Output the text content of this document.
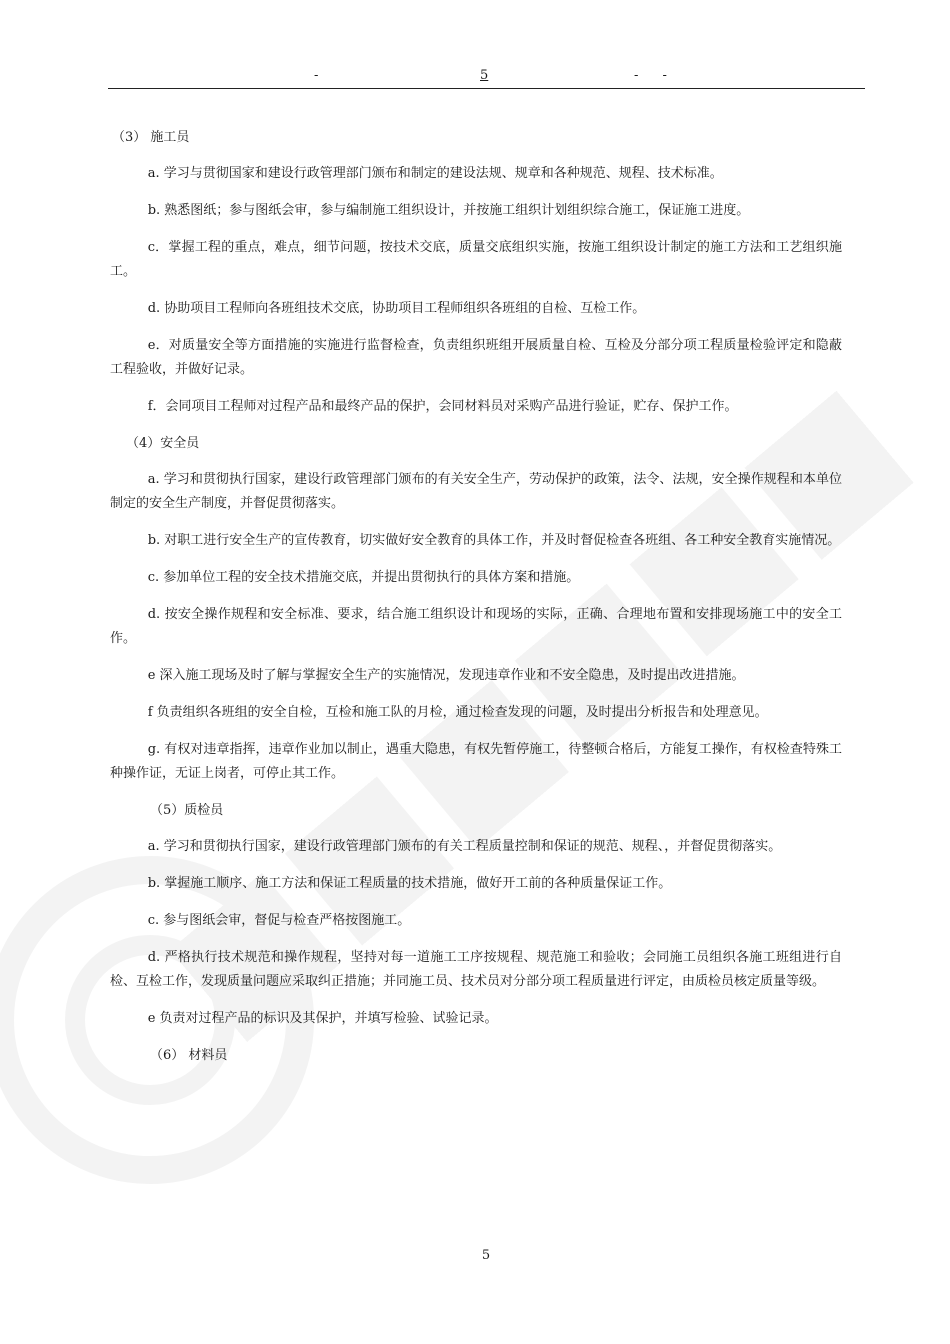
-	5	- -

（3） 施工员

a. 学习与贯彻国家和建设行政管理部门颁布和制定的建设法规、规章和各种规范、规程、技术标准。

b. 熟悉图纸；参与图纸会审，参与编制施工组织设计，并按施工组织计划组织综合施工，保证施工进度。

c．掌握工程的重点，难点，细节问题，按技术交底，质量交底组织实施，按施工组织设计制定的施工方法和工艺组织施工。

d. 协助项目工程师向各班组技术交底，协助项目工程师组织各班组的自检、互检工作。

e．对质量安全等方面措施的实施进行监督检查，负责组织班组开展质量自检、互检及分部分项工程质量检验评定和隐蔽工程验收，并做好记录。

f．会同项目工程师对过程产品和最终产品的保护，会同材料员对采购产品进行验证，贮存、保护工作。

（4）安全员

a. 学习和贯彻执行国家，建设行政管理部门颁布的有关安全生产，劳动保护的政策，法令、法规，安全操作规程和本单位制定的安全生产制度，并督促贯彻落实。

b. 对职工进行安全生产的宣传教育，切实做好安全教育的具体工作，并及时督促检查各班组、各工种安全教育实施情况。

c. 参加单位工程的安全技术措施交底，并提出贯彻执行的具体方案和措施。

d. 按安全操作规程和安全标准、要求，结合施工组织设计和现场的实际，正确、合理地布置和安排现场施工中的安全工作。

e 深入施工现场及时了解与掌握安全生产的实施情况，发现违章作业和不安全隐患，及时提出改进措施。

f 负责组织各班组的安全自检，互检和施工队的月检，通过检查发现的问题，及时提出分析报告和处理意见。

g. 有权对违章指挥，违章作业加以制止，遇重大隐患，有权先暂停施工，待整顿合格后，方能复工操作，有权检查特殊工种操作证，无证上岗者，可停止其工作。

（5）质检员

a. 学习和贯彻执行国家，建设行政管理部门颁布的有关工程质量控制和保证的规范、规程、，并督促贯彻落实。

b. 掌握施工顺序、施工方法和保证工程质量的技术措施，做好开工前的各种质量保证工作。

c. 参与图纸会审，督促与检查严格按图施工。

d. 严格执行技术规范和操作规程，坚持对每一道施工工序按规程、规范施工和验收；会同施工员组织各施工班组进行自检、互检工作，发现质量问题应采取纠正措施；并同施工员、技术员对分部分项工程质量进行评定，由质检员核定质量等级。

e 负责对过程产品的标识及其保护，并填写检验、试验记录。

（6） 材料员

5
